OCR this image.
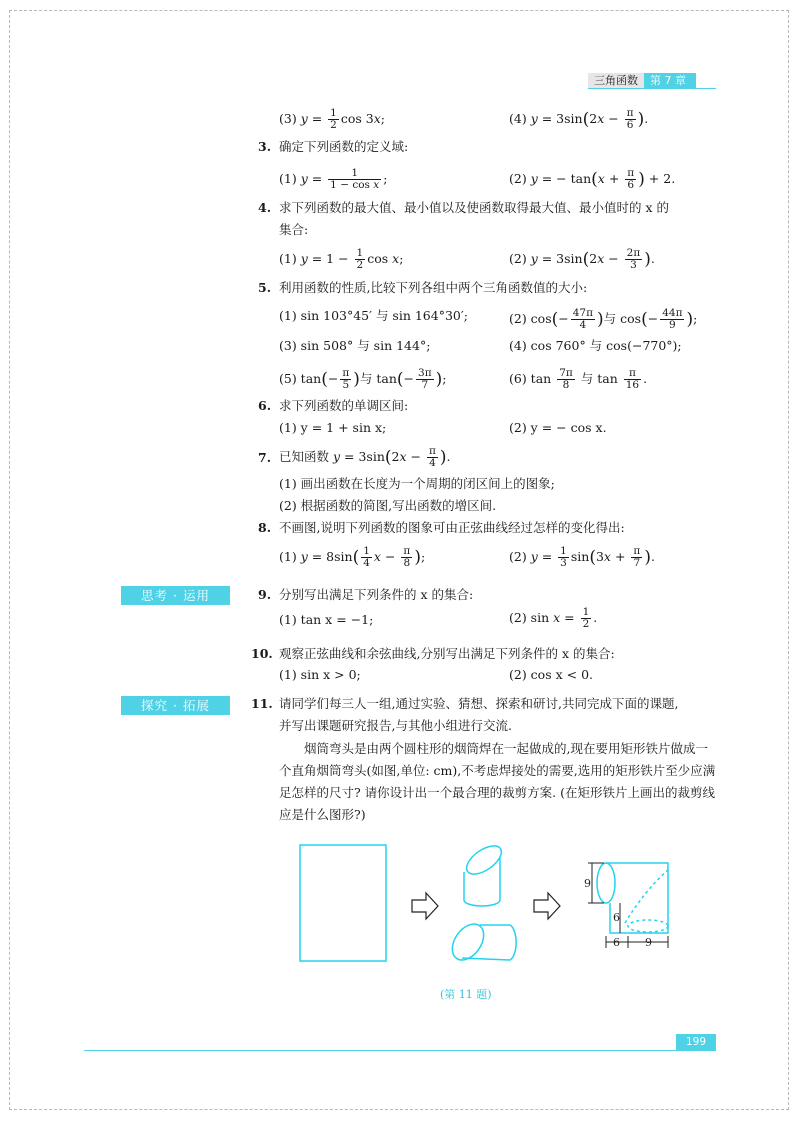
三角函数	第 7 章
(3) $y = \frac{1}{2}$ cos 3x;	(4) $y = 3\sin(2x - \frac{\pi}{6}$ ).
3. 确定下列函数的定义域:
(1) $y = \frac{1}{\text{1 − cos x}}$ ;	(2) y = − $\tan(x + \frac{\pi}{6}$ ) + 2.
4. 求下列函数的最大值、最小值以及使函数取得最大值、最小值时的 x 的
集合:
(1) $y = 1 - \frac{1}{2}$ cos x;	(2) $y = 3\sin(2x - \frac{2\pi}{3}$ ).
5. 利用函数的性质,比较下列各组中两个三角函数值的大小:
(1) sin 103°45′ 与 sin 164°30′;	(2) $\cos(- \frac{47\pi}{4}$ )与 $\cos(- \frac{44\pi}{9}$ );
(3) sin 508° 与 sin 144°;	(4) cos 760° 与 cos(−770°);
(5) $\tan(- \frac{\pi}{5}$ )与 $\tan(- \frac{3\pi}{7}$ );	(6) $\tan \frac{7\pi}{8}$ 与 $\tan \frac{\pi}{16}$ .
6. 求下列函数的单调区间:
(1) y = 1 + sin x;	(2) y = − cos x.
7. 已知函数 $y = 3\sin(2x - \frac{\pi}{4}$ ).
(1) 画出函数在长度为一个周期的闭区间上的图象;
(2) 根据函数的简图,写出函数的增区间.
8. 不画图,说明下列函数的图象可由正弦曲线经过怎样的变化得出:
(1) $y = 8\sin( \frac{1}{4}$ $x - \frac{\pi}{8}$ );	(2) $y = \frac{1}{3} \sin(3x + \frac{\pi}{7}$ ).
思考 · 运用	9. 分别写出满足下列条件的 x 的集合:
(1) tan x = −1;	(2) $\sin x = \frac{1}{2}$ .
10. 观察正弦曲线和余弦曲线,分别写出满足下列条件的 x 的集合:
(1) sin x > 0;	(2) cos x < 0.
探究 · 拓展	11. 请同学们每三人一组,通过实验、猜想、探索和研讨,共同完成下面的课题,
并写出课题研究报告,与其他小组进行交流.
烟筒弯头是由两个圆柱形的烟筒焊在一起做成的,现在要用矩形铁片做成一个直角烟筒弯头(如图,单位: cm),不考虑焊接处的需要,选用的矩形铁片至少应满足怎样的尺寸? 请你设计出一个最合理的裁剪方案. (在矩形铁片上画出的裁剪线应是什么图形?)
9
6
6 9
(第 11 题)
199
